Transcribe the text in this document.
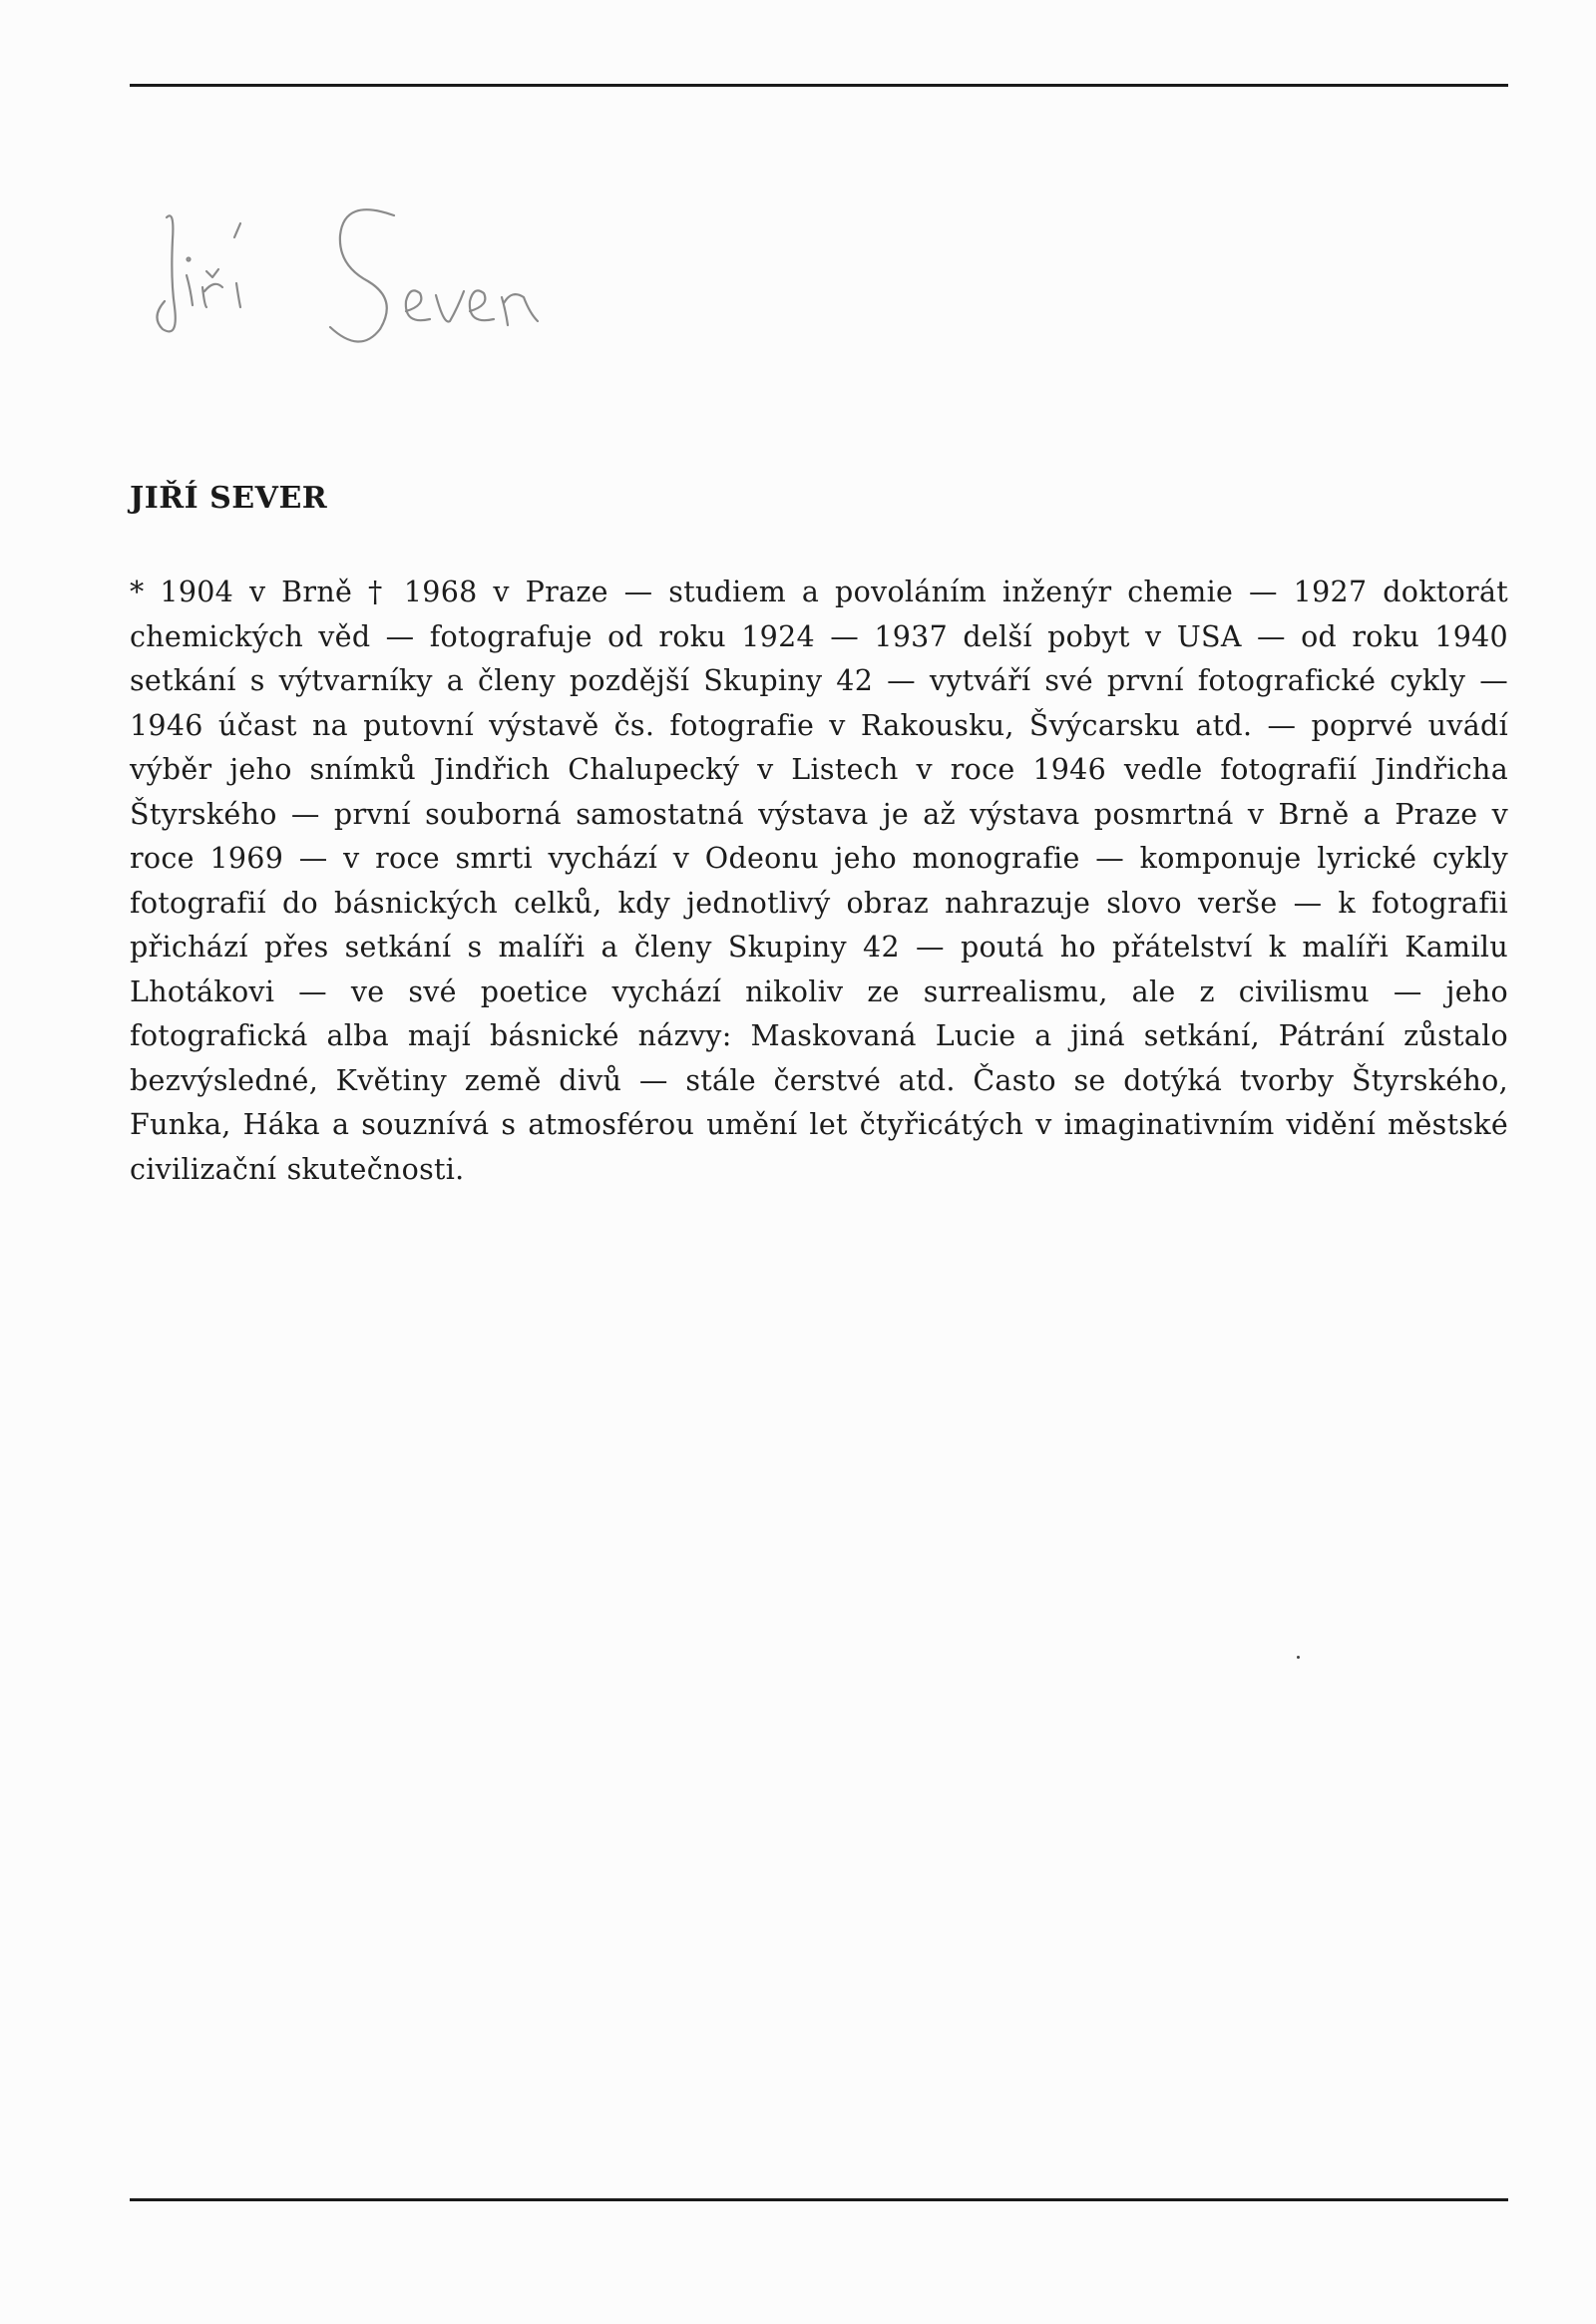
JIŘÍ SEVER

* 1904 v Brně † 1968 v Praze — studiem a povoláním inženýr chemie — 1927 doktorát chemických věd — fotografuje od roku 1924 — 1937 delší pobyt v USA — od roku 1940 setkání s výtvarníky a členy pozdější Skupiny 42 — vytváří své první fotografické cykly — 1946 účast na putovní výstavě čs. fotografie v Rakousku, Švýcarsku atd. — poprvé uvádí výběr jeho snímků Jindřich Chalupecký v Listech v roce 1946 vedle fotografií Jindřicha Štyrského — první souborná samostatná výstava je až výstava posmrtná v Brně a Praze v roce 1969 — v roce smrti vychází v Odeonu jeho monografie — komponuje lyrické cykly fotografií do básnických celků, kdy jednotlivý obraz nahrazuje slovo verše — k fotografii přichází přes setkání s malíři a členy Skupiny 42 — poutá ho přátelství k malíři Kamilu Lhotákovi — ve své poetice vychází nikoliv ze surrealismu, ale z civilismu — jeho fotografická alba mají básnické názvy: Maskovaná Lucie a jiná setkání, Pátrání zůstalo bezvýsledné, Květiny země divů — stále čerstvé atd. Často se dotýká tvorby Štyrského, Funka, Háka a souznívá s atmosférou umění let čtyřicátých v imaginativním vidění městské civilizační skutečnosti.
